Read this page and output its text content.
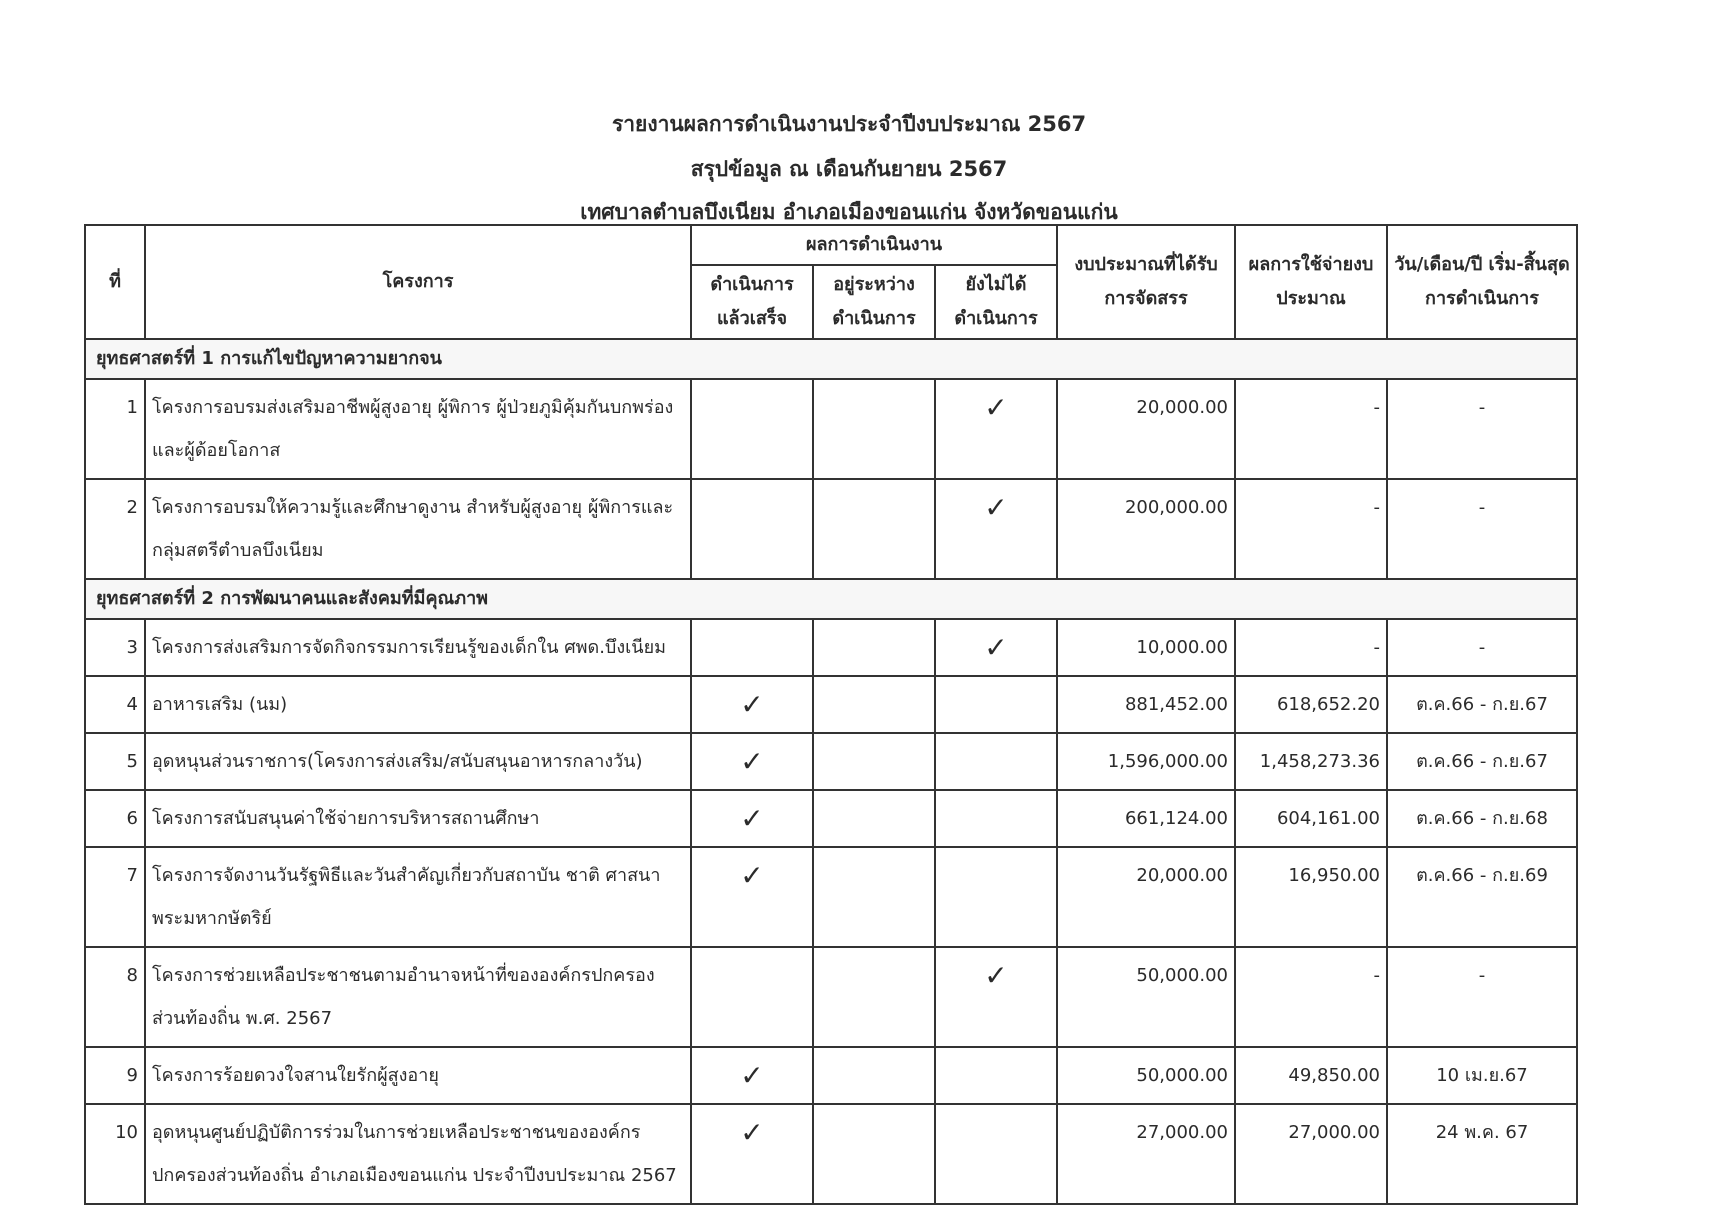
รายงานผลการดำเนินงานประจำปีงบประมาณ 2567
สรุปข้อมูล ณ เดือนกันยายน 2567
เทศบาลตำบลบึงเนียม อำเภอเมืองขอนแก่น จังหวัดขอนแก่น
ที่	โครงการ	ผลการดำเนินงาน			งบประมาณที่ได้รับการจัดสรร	ผลการใช้จ่ายงบประมาณ	วัน/เดือน/ปี เริ่ม-สิ้นสุดการดำเนินการ
		ดำเนินการแล้วเสร็จ	อยู่ระหว่างดำเนินการ	ยังไม่ได้ดำเนินการ			
ยุทธศาสตร์ที่ 1 การแก้ไขปัญหาความยากจน							
1	โครงการอบรมส่งเสริมอาชีพผู้สูงอายุ ผู้พิการ ผู้ป่วยภูมิคุ้มกันบกพร่องและผู้ด้อยโอกาส			✓	20,000.00	-	-
2	โครงการอบรมให้ความรู้และศึกษาดูงาน สำหรับผู้สูงอายุ ผู้พิการและกลุ่มสตรีตำบลบึงเนียม			✓	200,000.00	-	-
ยุทธศาสตร์ที่ 2 การพัฒนาคนและสังคมที่มีคุณภาพ							
3	โครงการส่งเสริมการจัดกิจกรรมการเรียนรู้ของเด็กใน ศพด.บึงเนียม			✓	10,000.00	-	-
4	อาหารเสริม (นม)	✓			881,452.00	618,652.20	ต.ค.66 - ก.ย.67
5	อุดหนุนส่วนราชการ(โครงการส่งเสริม/สนับสนุนอาหารกลางวัน)	✓			1,596,000.00	1,458,273.36	ต.ค.66 - ก.ย.67
6	โครงการสนับสนุนค่าใช้จ่ายการบริหารสถานศึกษา	✓			661,124.00	604,161.00	ต.ค.66 - ก.ย.68
7	โครงการจัดงานวันรัฐพิธีและวันสำคัญเกี่ยวกับสถาบัน ชาติ ศาสนา พระมหากษัตริย์	✓			20,000.00	16,950.00	ต.ค.66 - ก.ย.69
8	โครงการช่วยเหลือประชาชนตามอำนาจหน้าที่ขององค์กรปกครองส่วนท้องถิ่น พ.ศ. 2567			✓	50,000.00	-	-
9	โครงการร้อยดวงใจสานใยรักผู้สูงอายุ	✓			50,000.00	49,850.00	10 เม.ย.67
10	อุดหนุนศูนย์ปฏิบัติการร่วมในการช่วยเหลือประชาชนขององค์กรปกครองส่วนท้องถิ่น อำเภอเมืองขอนแก่น ประจำปีงบประมาณ 2567	✓			27,000.00	27,000.00	24 พ.ค. 67
